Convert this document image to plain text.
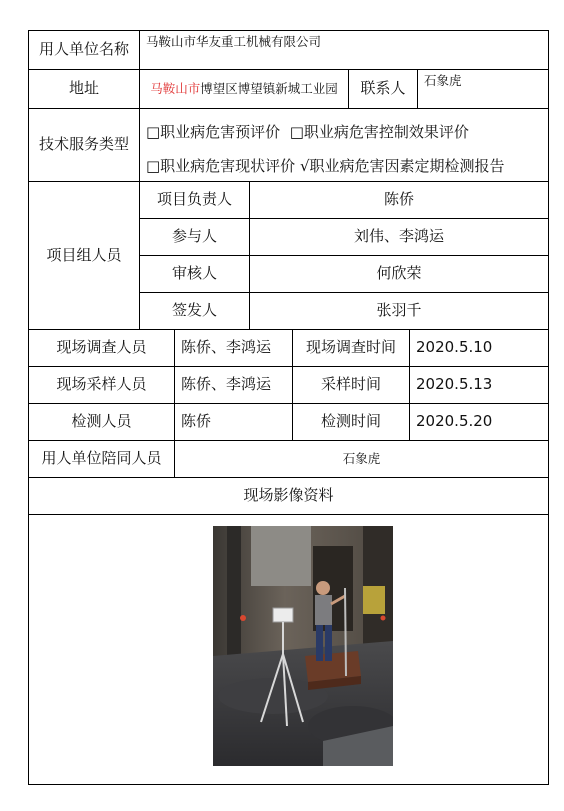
用人单位名称	马鞍山市华友重工机械有限公司
地址	马鞍山市博望区博望镇新城工业园	联系人	石象虎
技术服务类型
□职业病危害预评价 □职业病危害控制效果评价
□职业病危害现状评价 √职业病危害因素定期检测报告
项目组人员
项目负责人	陈侨
参与人	刘伟、李鸿运
审核人	何欣荣
签发人	张羽千
现场调查人员	陈侨、李鸿运	现场调查时间	2020.5.10
现场采样人员	陈侨、李鸿运	采样时间	2020.5.13
检测人员	陈侨	检测时间	2020.5.20
用人单位陪同人员	石象虎
现场影像资料
